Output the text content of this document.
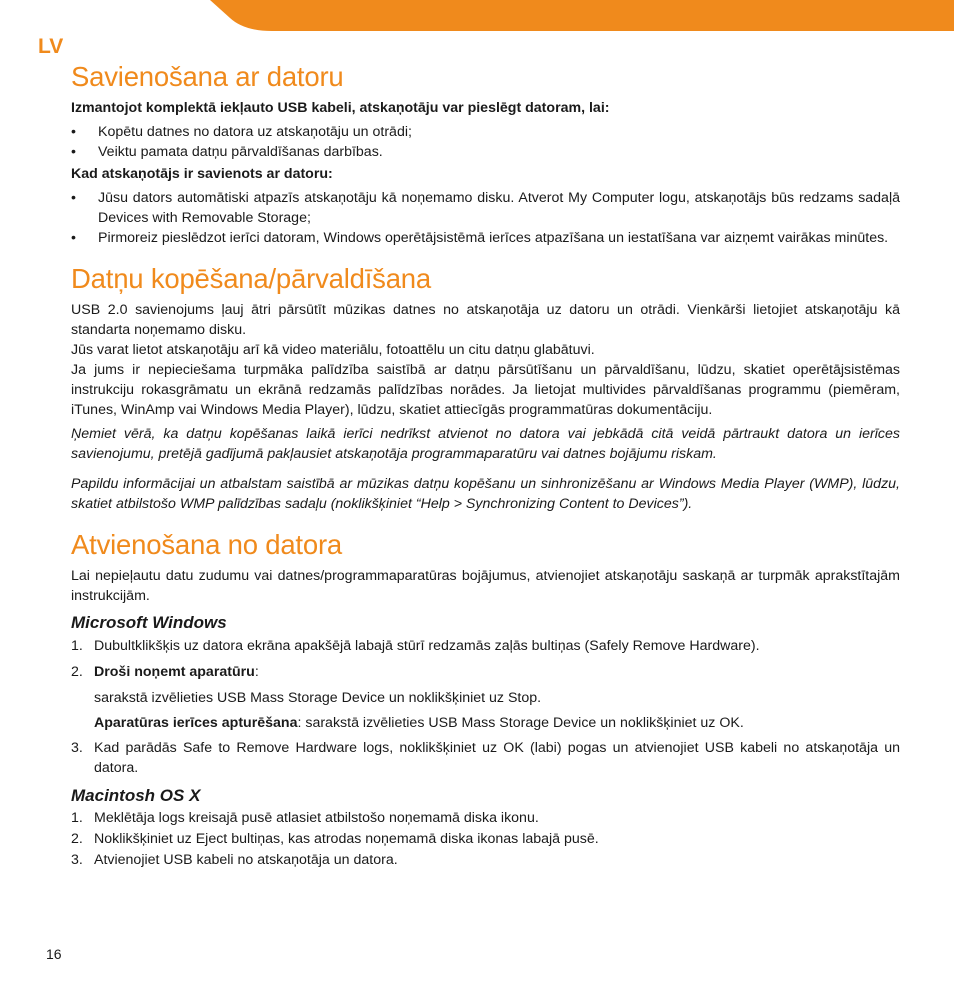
LV
Savienošana ar datoru

Izmantojot komplektā iekļauto USB kabeli, atskaņotāju var pieslēgt datoram, lai:

• Kopētu datnes no datora uz atskaņotāju un otrādi;
• Veiktu pamata datņu pārvaldīšanas darbības.

Kad atskaņotājs ir savienots ar datoru:

• Jūsu dators automātiski atpazīs atskaņotāju kā noņemamo disku. Atverot My Computer logu, atskaņotājs būs redzams sadaļā Devices with Removable Storage;
• Pirmoreiz pieslēdzot ierīci datoram, Windows operētājsistēmā ierīces atpazīšana un iestatīšana var aizņemt vairākas minūtes.
Datņu kopēšana/pārvaldīšana

USB 2.0 savienojums ļauj ātri pārsūtīt mūzikas datnes no atskaņotāja uz datoru un otrādi. Vienkārši lietojiet atskaņotāju kā standarta noņemamo disku.

Jūs varat lietot atskaņotāju arī kā video materiālu, fotoattēlu un citu datņu glabātuvi.

Ja jums ir nepieciešama turpmāka palīdzība saistībā ar datņu pārsūtīšanu un pārvaldīšanu, lūdzu, skatiet operētājsistēmas instrukciju rokasgrāmatu un ekrānā redzamās palīdzības norādes. Ja lietojat multivides pārvaldīšanas programmu (piemēram, iTunes, WinAmp vai Windows Media Player), lūdzu, skatiet attiecīgās programmatūras dokumentāciju.

Ņemiet vērā, ka datņu kopēšanas laikā ierīci nedrīkst atvienot no datora vai jebkādā citā veidā pārtraukt datora un ierīces savienojumu, pretējā gadījumā pakļausiet atskaņotāja programmaparatūru vai datnes bojājumu riskam.

Papildu informācijai un atbalstam saistībā ar mūzikas datņu kopēšanu un sinhronizēšanu ar Windows Media Player (WMP), lūdzu, skatiet atbilstošo WMP palīdzības sadaļu (noklikšķiniet “Help > Synchronizing Content to Devices”).

Atvienošana no datora

Lai nepieļautu datu zudumu vai datnes/programmaparatūras bojājumus, atvienojiet atskaņotāju saskaņā ar turpmāk aprakstītajām instrukcijām.

Microsoft Windows
1. Dubultklikšķis uz datora ekrāna apakšējā labajā stūrī redzamās zaļās bultiņas (Safely Remove Hardware).
2. Droši noņemt aparatūru:

sarakstā izvēlieties USB Mass Storage Device un noklikšķiniet uz Stop.

Aparatūras ierīces apturēšana: sarakstā izvēlieties USB Mass Storage Device un noklikšķiniet uz OK.

3. Kad parādās Safe to Remove Hardware logs, noklikšķiniet uz OK (labi) pogas un atvienojiet USB kabeli no atskaņotāja un datora.
Macintosh OS X
1. Meklētāja logs kreisajā pusē atlasiet atbilstošo noņemamā diska ikonu.
2. Noklikšķiniet uz Eject bultiņas, kas atrodas noņemamā diska ikonas labajā pusē.
3. Atvienojiet USB kabeli no atskaņotāja un datora.
16
